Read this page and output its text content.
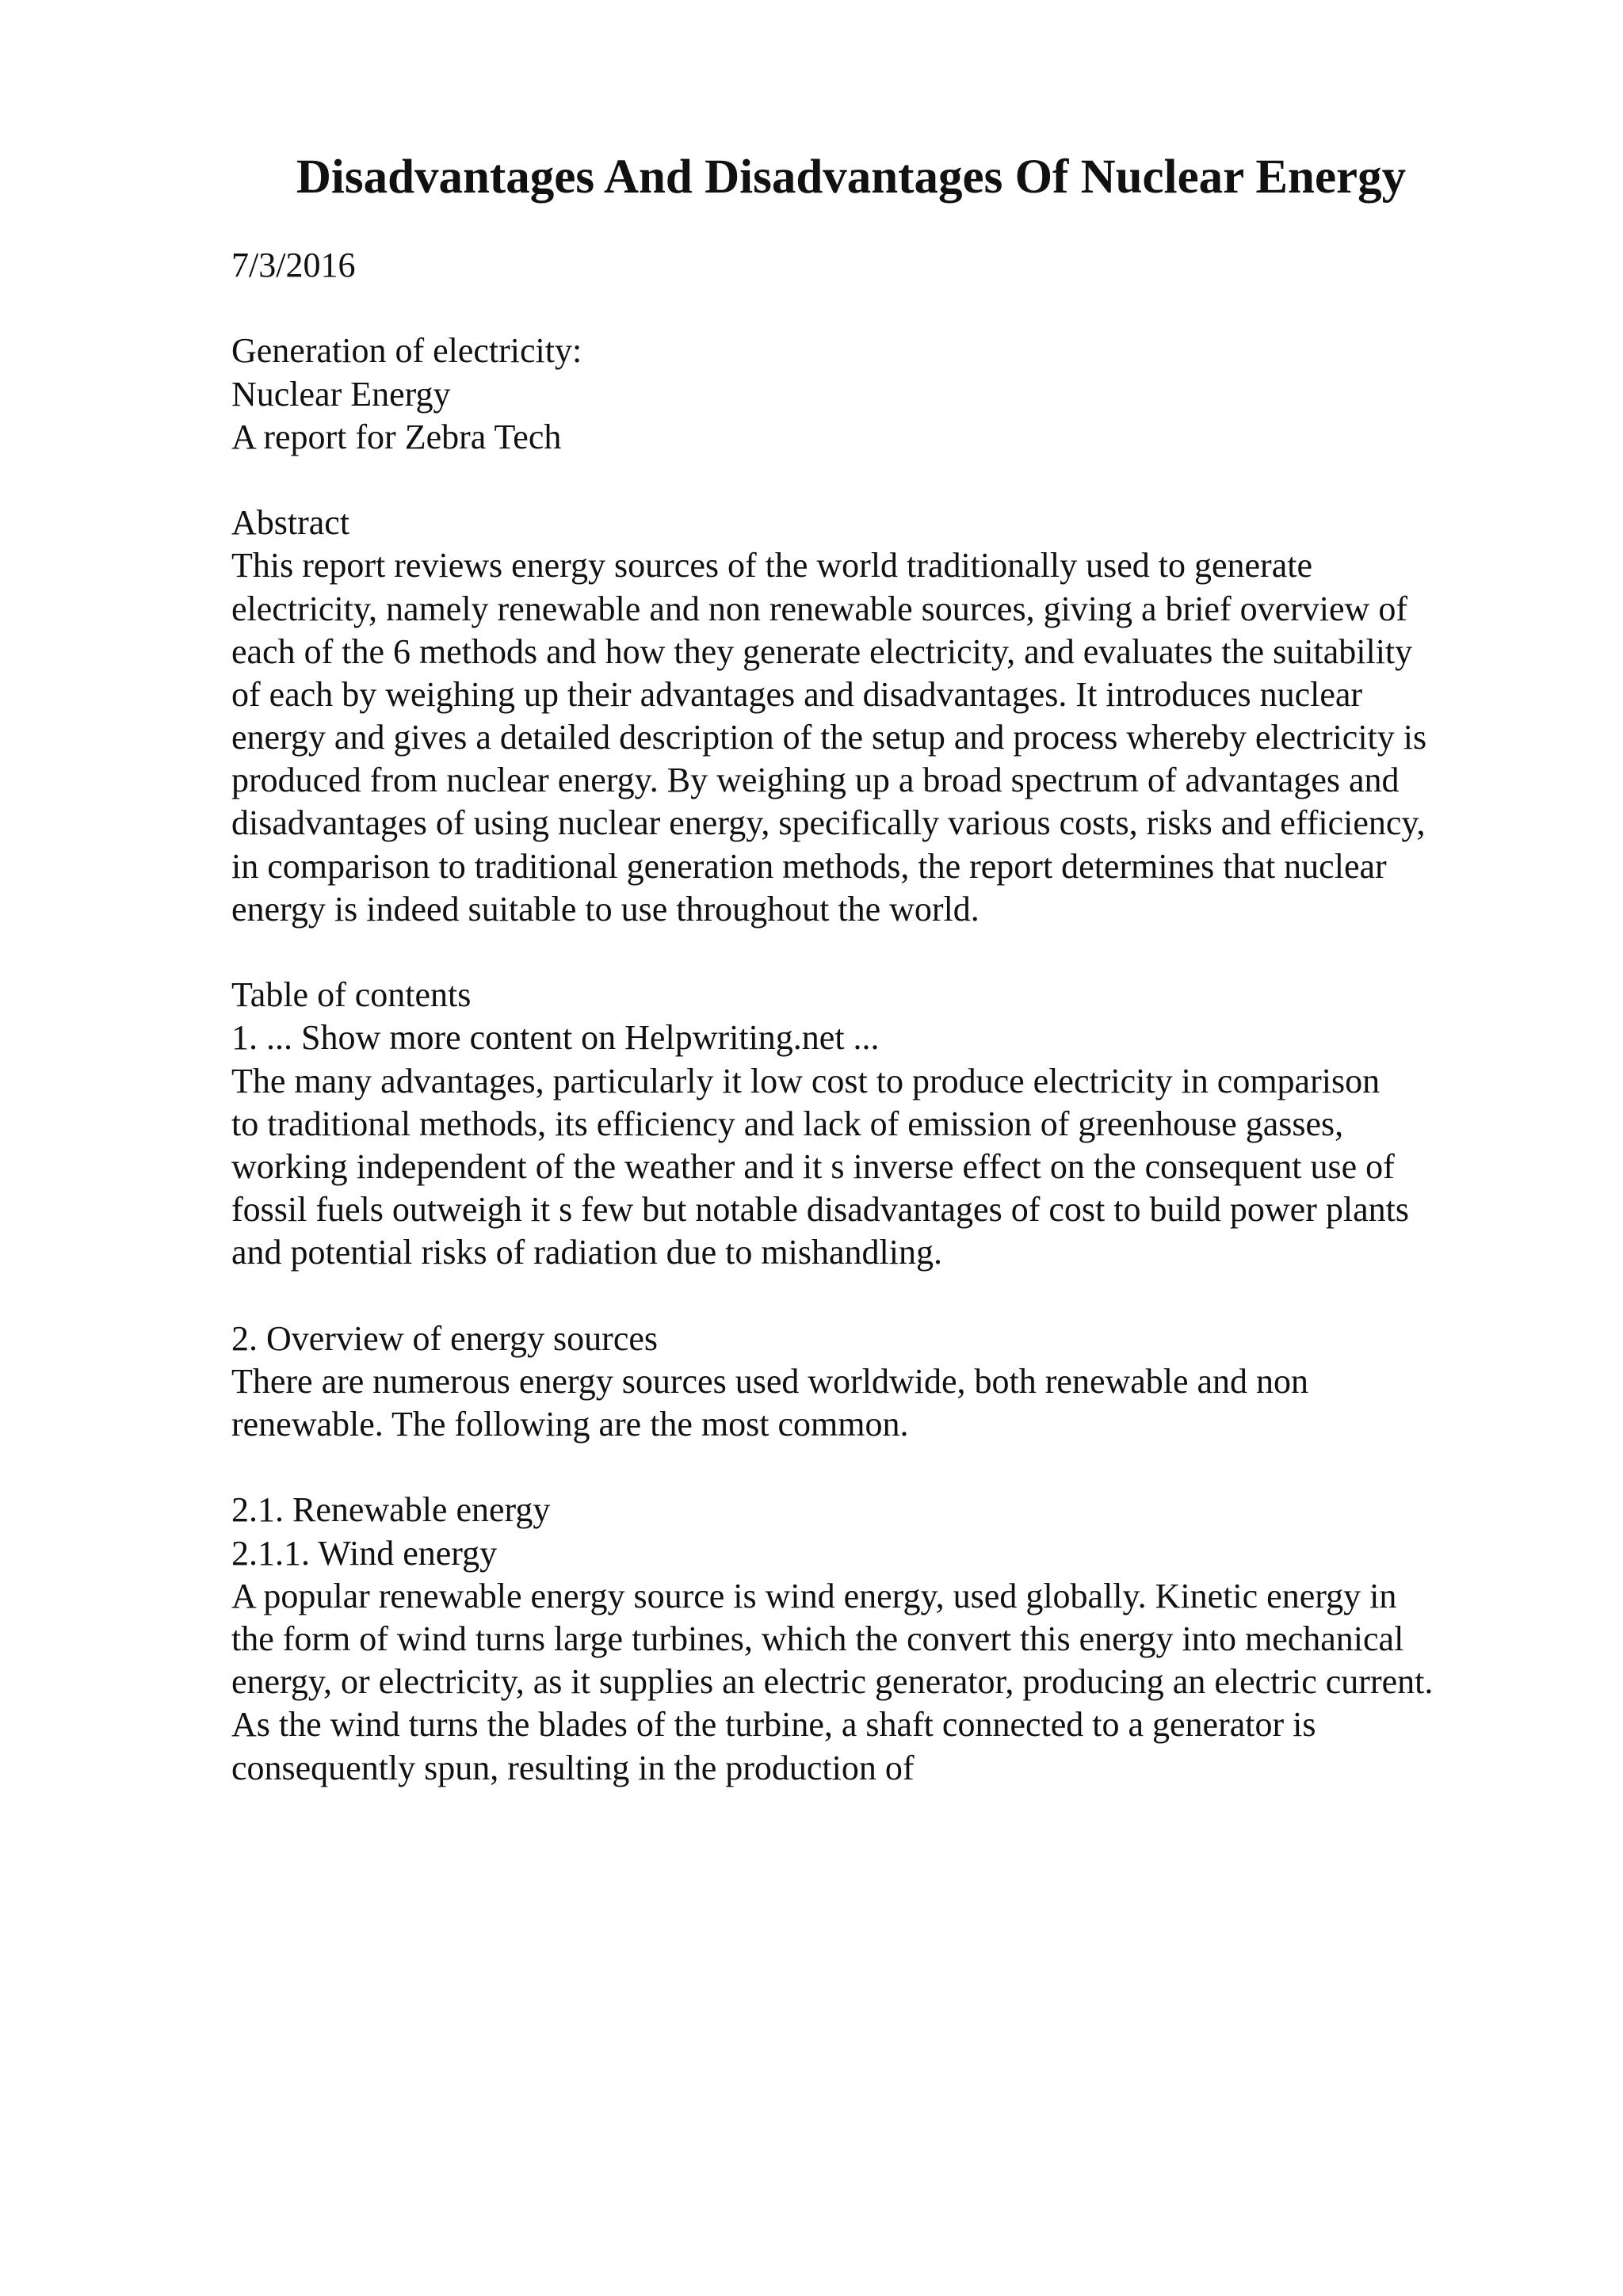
Disadvantages And Disadvantages Of Nuclear Energy
7/3/2016
Generation of electricity:
Nuclear Energy
A report for Zebra Tech
Abstract
This report reviews energy sources of the world traditionally used to generate
electricity, namely renewable and non renewable sources, giving a brief overview of
each of the 6 methods and how they generate electricity, and evaluates the suitability
of each by weighing up their advantages and disadvantages. It introduces nuclear
energy and gives a detailed description of the setup and process whereby electricity is
produced from nuclear energy. By weighing up a broad spectrum of advantages and
disadvantages of using nuclear energy, specifically various costs, risks and efficiency,
in comparison to traditional generation methods, the report determines that nuclear
energy is indeed suitable to use throughout the world.
Table of contents
1. ... Show more content on Helpwriting.net ...
The many advantages, particularly it low cost to produce electricity in comparison
to traditional methods, its efficiency and lack of emission of greenhouse gasses,
working independent of the weather and it s inverse effect on the consequent use of
fossil fuels outweigh it s few but notable disadvantages of cost to build power plants
and potential risks of radiation due to mishandling.
2. Overview of energy sources
There are numerous energy sources used worldwide, both renewable and non
renewable. The following are the most common.
2.1. Renewable energy
2.1.1. Wind energy
A popular renewable energy source is wind energy, used globally. Kinetic energy in
the form of wind turns large turbines, which the convert this energy into mechanical
energy, or electricity, as it supplies an electric generator, producing an electric current.
As the wind turns the blades of the turbine, a shaft connected to a generator is
consequently spun, resulting in the production of
